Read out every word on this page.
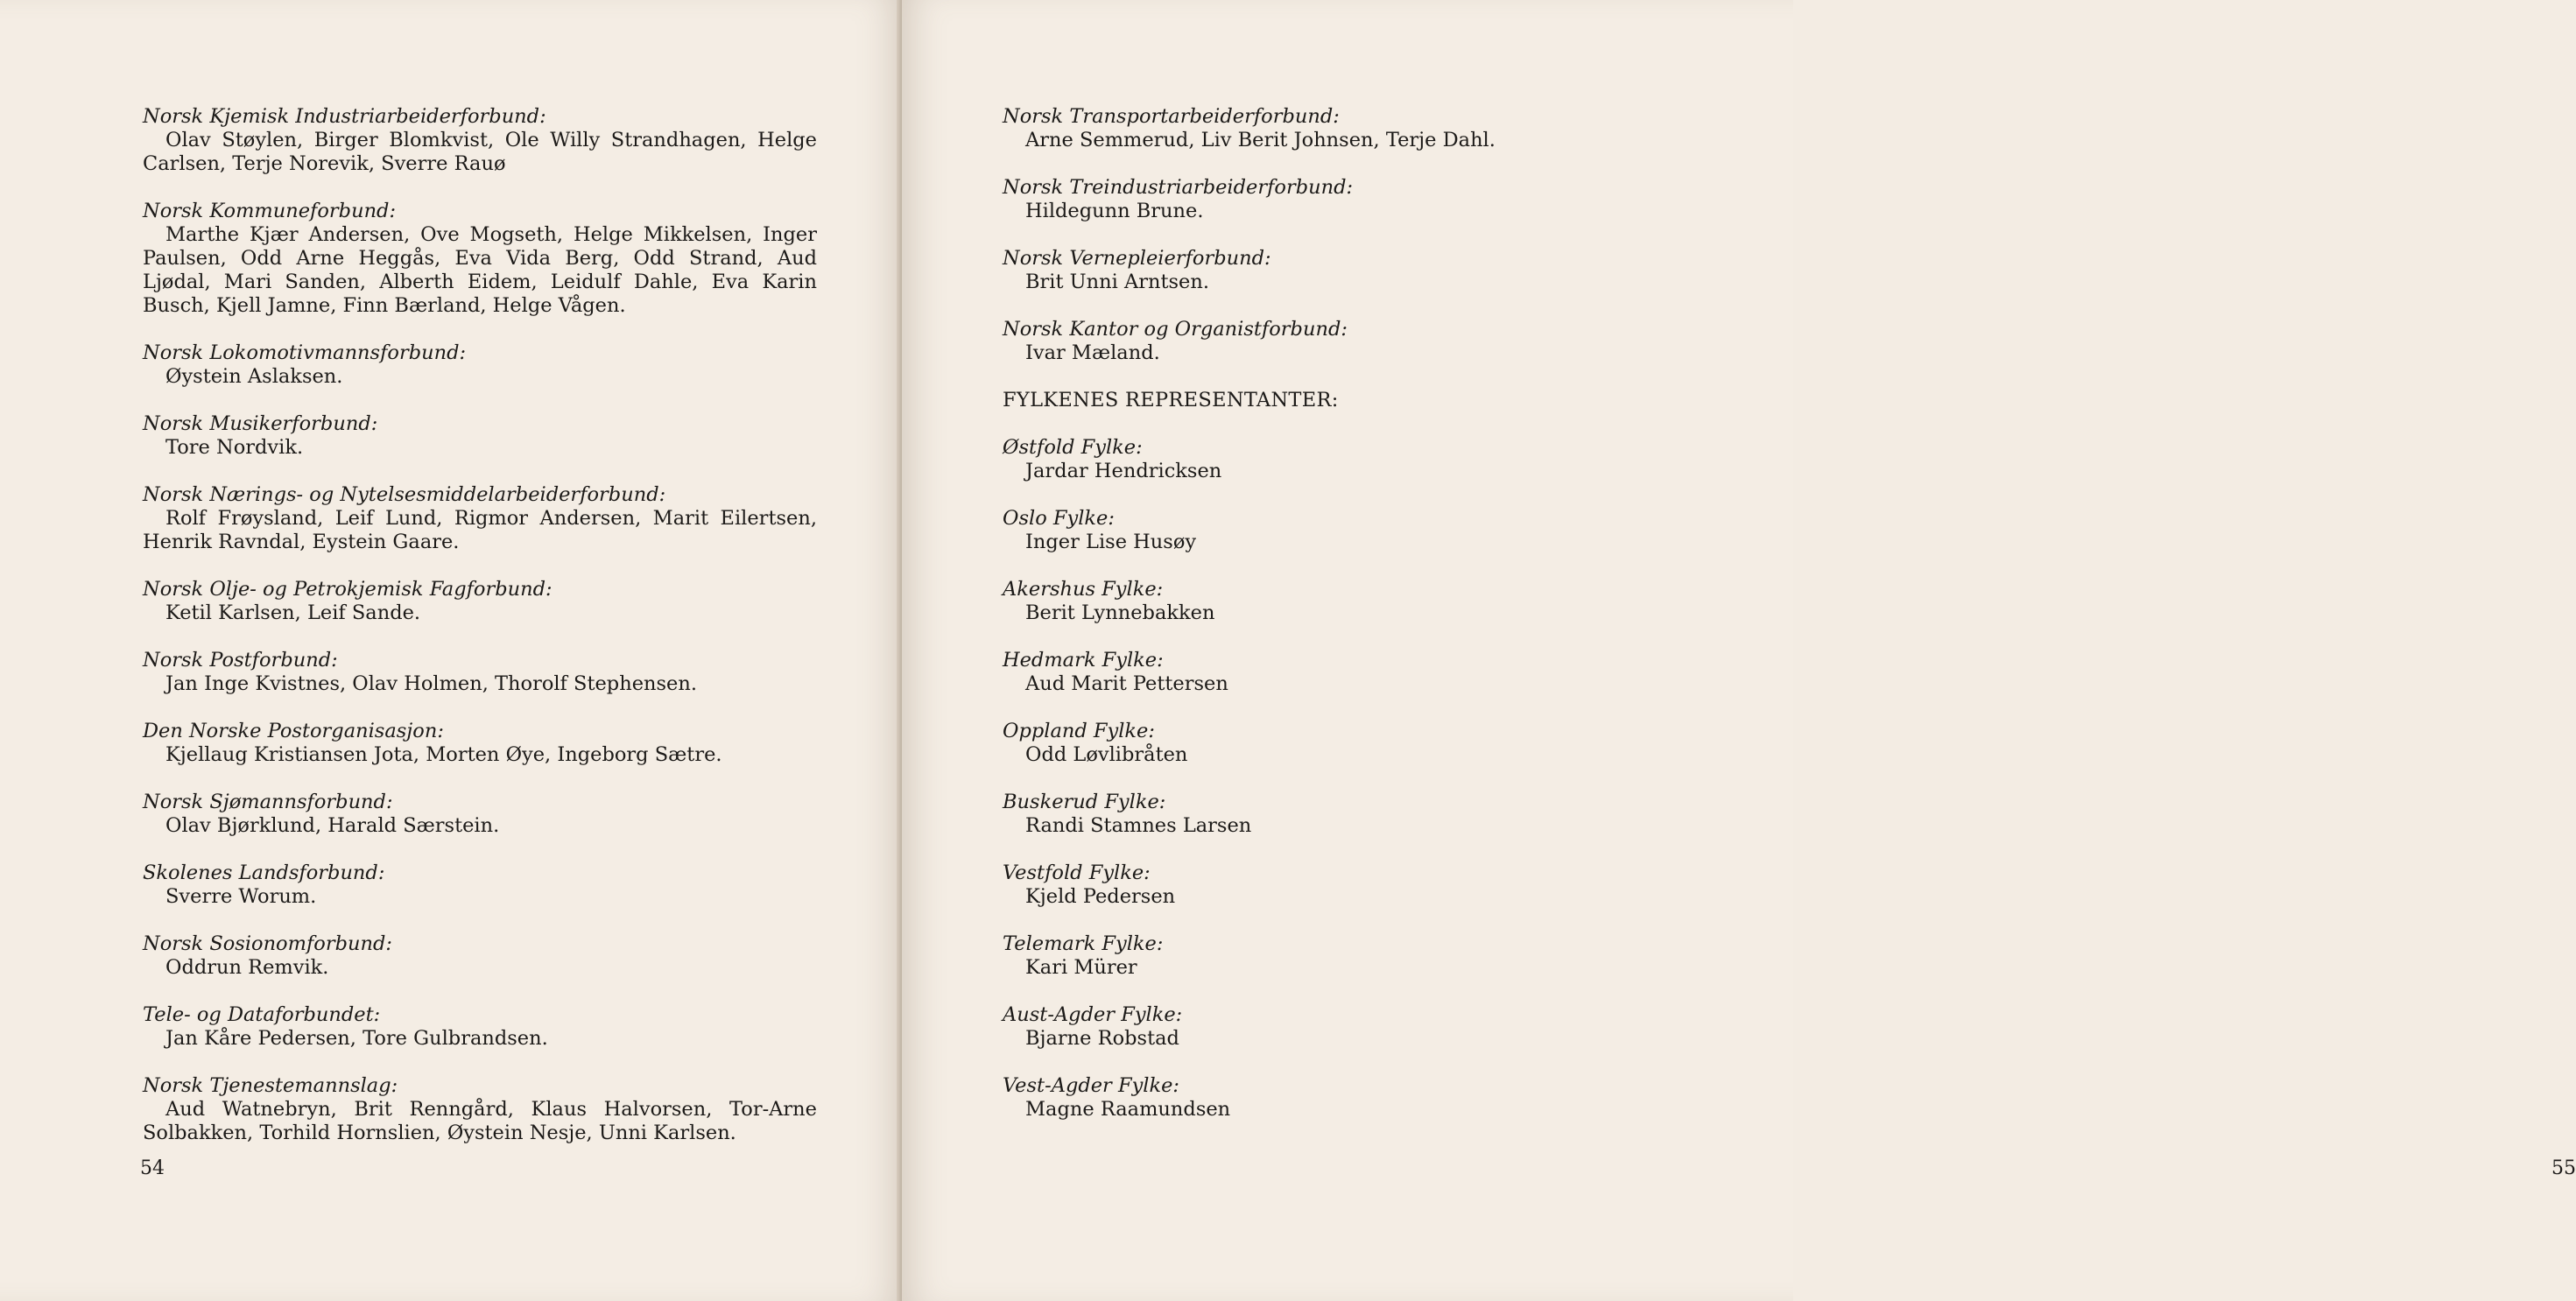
Norsk Kjemisk Industriarbeiderforbund:
Olav Støylen, Birger Blomkvist, Ole Willy Strandhagen, Helge Carlsen, Terje Norevik, Sverre Rauø

Norsk Kommuneforbund:
Marthe Kjær Andersen, Ove Mogseth, Helge Mikkelsen, Inger Paulsen, Odd Arne Heggås, Eva Vida Berg, Odd Strand, Aud Ljødal, Mari Sanden, Alberth Eidem, Leidulf Dahle, Eva Karin Busch, Kjell Jamne, Finn Bærland, Helge Vågen.

Norsk Lokomotivmannsforbund:
Øystein Aslaksen.

Norsk Musikerforbund:
Tore Nordvik.

Norsk Nærings- og Nytelsesmiddelarbeiderforbund:
Rolf Frøysland, Leif Lund, Rigmor Andersen, Marit Eilertsen, Henrik Ravndal, Eystein Gaare.

Norsk Olje- og Petrokjemisk Fagforbund:
Ketil Karlsen, Leif Sande.

Norsk Postforbund:
Jan Inge Kvistnes, Olav Holmen, Thorolf Stephensen.

Den Norske Postorganisasjon:
Kjellaug Kristiansen Jota, Morten Øye, Ingeborg Sætre.

Norsk Sjømannsforbund:
Olav Bjørklund, Harald Særstein.

Skolenes Landsforbund:
Sverre Worum.

Norsk Sosionomforbund:
Oddrun Remvik.

Tele- og Dataforbundet:
Jan Kåre Pedersen, Tore Gulbrandsen.

Norsk Tjenestemannslag:
Aud Watnebryn, Brit Renngård, Klaus Halvorsen, Tor-Arne Solbakken, Torhild Hornslien, Øystein Nesje, Unni Karlsen.

54	55

Norsk Transportarbeiderforbund:
Arne Semmerud, Liv Berit Johnsen, Terje Dahl.

Norsk Treindustriarbeiderforbund:
Hildegunn Brune.

Norsk Vernepleierforbund:
Brit Unni Arntsen.

Norsk Kantor og Organistforbund:
Ivar Mæland.

FYLKENES REPRESENTANTER:

Østfold Fylke:
Jardar Hendricksen

Oslo Fylke:
Inger Lise Husøy

Akershus Fylke:
Berit Lynnebakken

Hedmark Fylke:
Aud Marit Pettersen

Oppland Fylke:
Odd Løvlibråten

Buskerud Fylke:
Randi Stamnes Larsen

Vestfold Fylke:
Kjeld Pedersen

Telemark Fylke:
Kari Mürer

Aust-Agder Fylke:
Bjarne Robstad

Vest-Agder Fylke:
Magne Raamundsen
